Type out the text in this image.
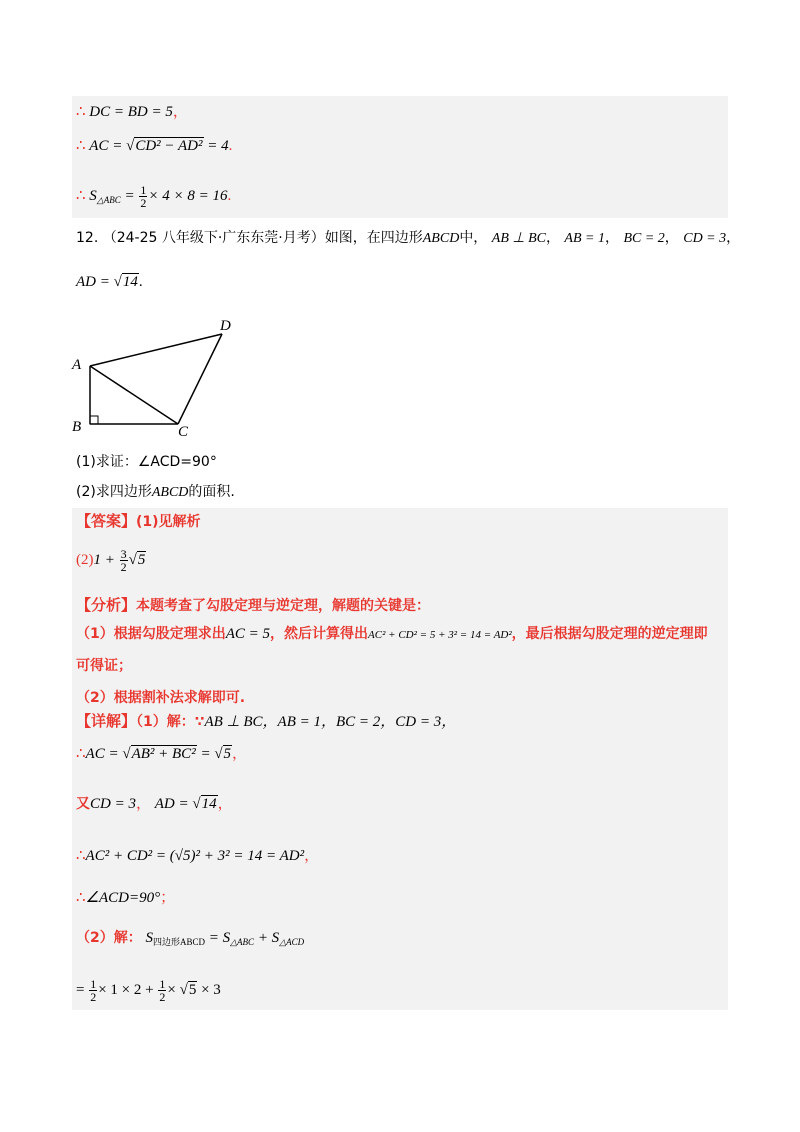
∴ DC = BD = 5，
∴ AC = √CD² − AD² = 4.
∴ $S_{\triangle ABC} = \frac{1}{2} \times 4 \times 8 = 16$.
12. （24-25 八年级下·广东东莞·月考）如图，在四边形ABCD中， AB ⊥ BC， AB = 1， BC = 2， CD = 3，
AD = √14.
A
B	C
D
(1)求证：∠ACD=90°
(2)求四边形ABCD的面积.
【答案】(1)见解析
$(2)1 + \frac{3}{2} √5$
【分析】本题考查了勾股定理与逆定理，解题的关键是：
（1）根据勾股定理求出AC = 5，然后计算得出AC² + CD² = 5 + 3² = 14 = AD²，最后根据勾股定理的逆定理即
可得证；
（2）根据割补法求解即可.
【详解】（1）解：∵AB ⊥ BC，AB = 1，BC = 2，CD = 3，
∴AC = √AB² + BC² = √5，
又CD = 3， AD = √14，
∴AC² + CD² = (√5)² + 3² = 14 = AD²，
∴∠ACD=90°；
（2）解： $S_{四边形ABCD} = S_{\triangle ABC} + S_{\triangle ACD}$
= $\frac{1}{2} \times 1 \times 2 + \frac{1}{2} \times √5 \times 3$
